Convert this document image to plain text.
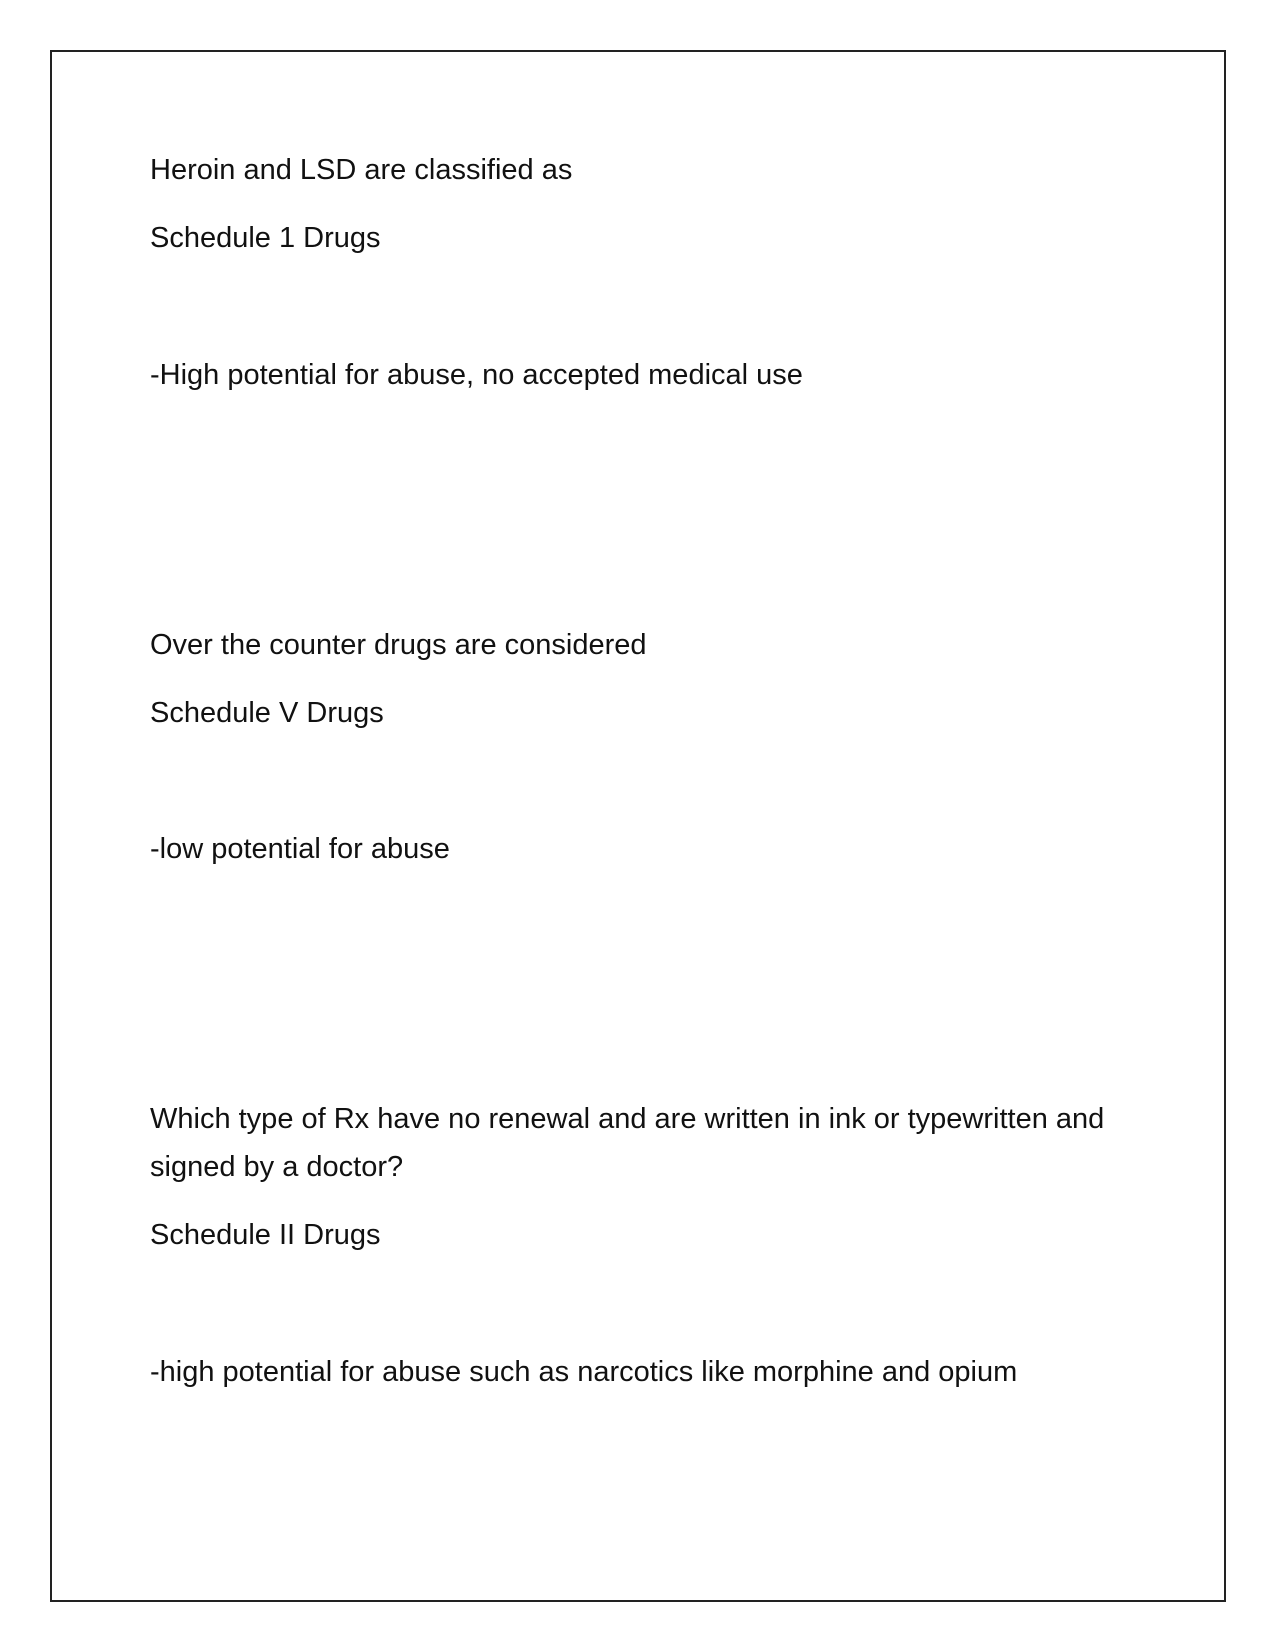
Heroin and LSD are classified as

Schedule 1 Drugs

-High potential for abuse, no accepted medical use

Over the counter drugs are considered

Schedule V Drugs

-low potential for abuse

Which type of Rx have no renewal and are written in ink or typewritten and signed by a doctor?

Schedule II Drugs

-high potential for abuse such as narcotics like morphine and opium
